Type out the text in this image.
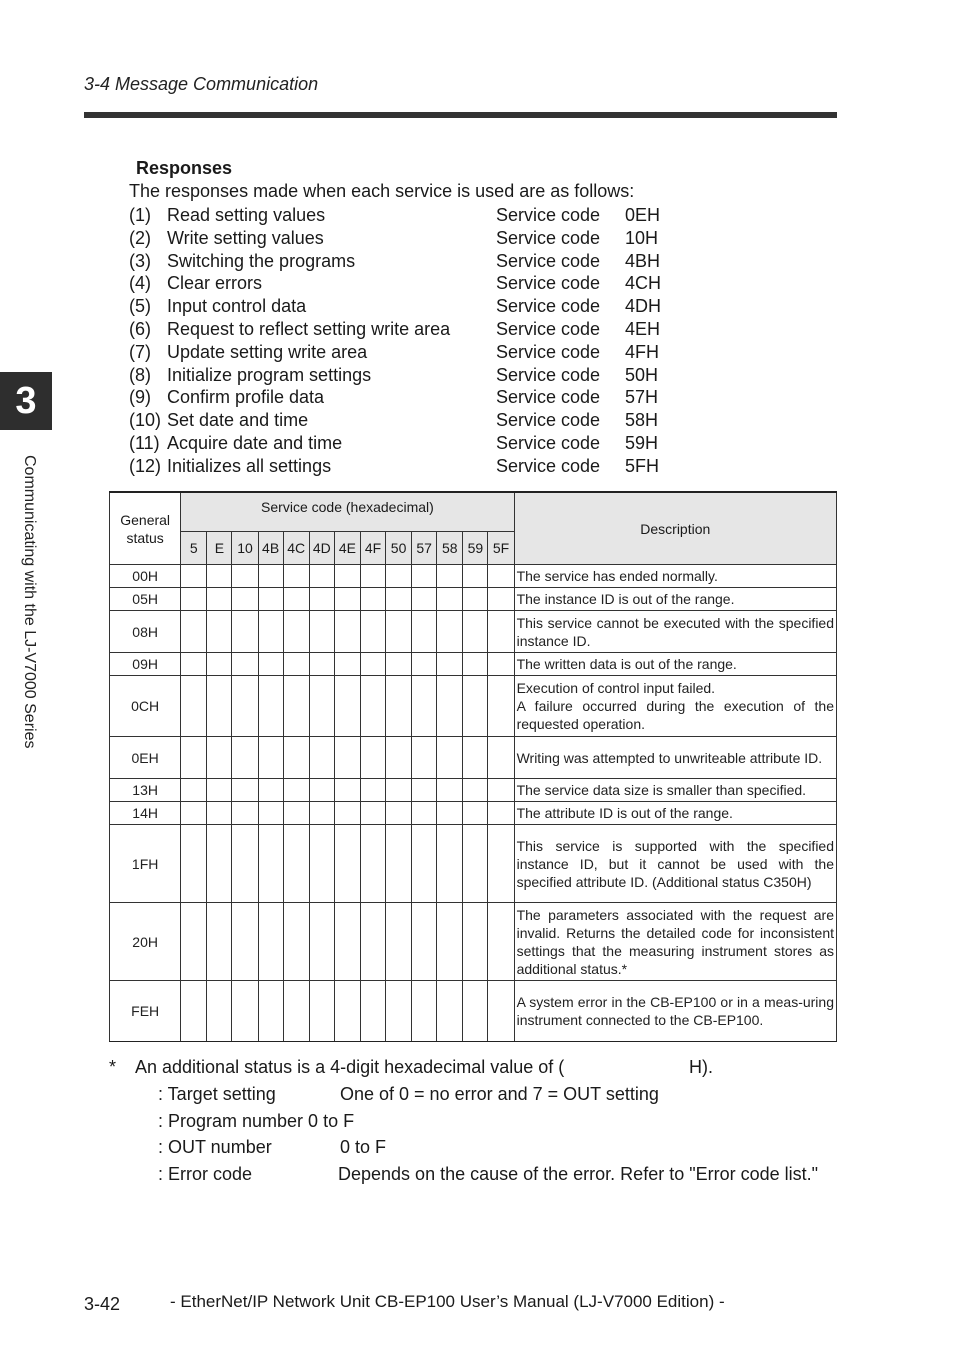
3-4 Message Communication
3
Communicating with the LJ-V7000 Series
Responses
The responses made when each service is used are as follows:
(1) Read setting values	Service code 0EH
(2) Write setting values	Service code 10H
(3) Switching the programs	Service code 4BH
(4) Clear errors	Service code 4CH
(5) Input control data	Service code 4DH
(6) Request to reflect setting write area	Service code 4EH
(7) Update setting write area	Service code 4FH
(8) Initialize program settings	Service code 50H
(9) Confirm profile data	Service code 57H
(10) Set date and time	Service code 58H
(11) Acquire date and time	Service code 59H
(12) Initializes all settings	Service code 5FH
General
status	Service code (hexadecimal)													Description
	5	E	10	4B	4C	4D	4E	4F	50	57	58	59	5F	
00H														The service has ended normally.
05H														The instance ID is out of the range.
08H														This service cannot be executed with the specified instance ID.
09H														The written data is out of the range.
0CH														Execution of control input failed.
A failure occurred during the execution of the requested operation.
0EH														Writing was attempted to unwriteable attribute ID.
13H														The service data size is smaller than specified.
14H														The attribute ID is out of the range.
1FH														This service is supported with the specified instance ID, but it cannot be used with the specified attribute ID. (Additional status C350H)
20H														The parameters associated with the request are invalid. Returns the detailed code for inconsistent settings that the measuring instrument stores as additional status.*
FEH														A system error in the CB-EP100 or in a meas-uring instrument connected to the CB-EP100.
* An additional status is a 4-digit hexadecimal value of (	H).
: Target setting	One of 0 = no error and 7 = OUT setting
: Program number 0 to F
: OUT number	0 to F
: Error code	Depends on the cause of the error. Refer to "Error code list."
3-42	- EtherNet/IP Network Unit CB-EP100 User’s Manual (LJ-V7000 Edition) -
